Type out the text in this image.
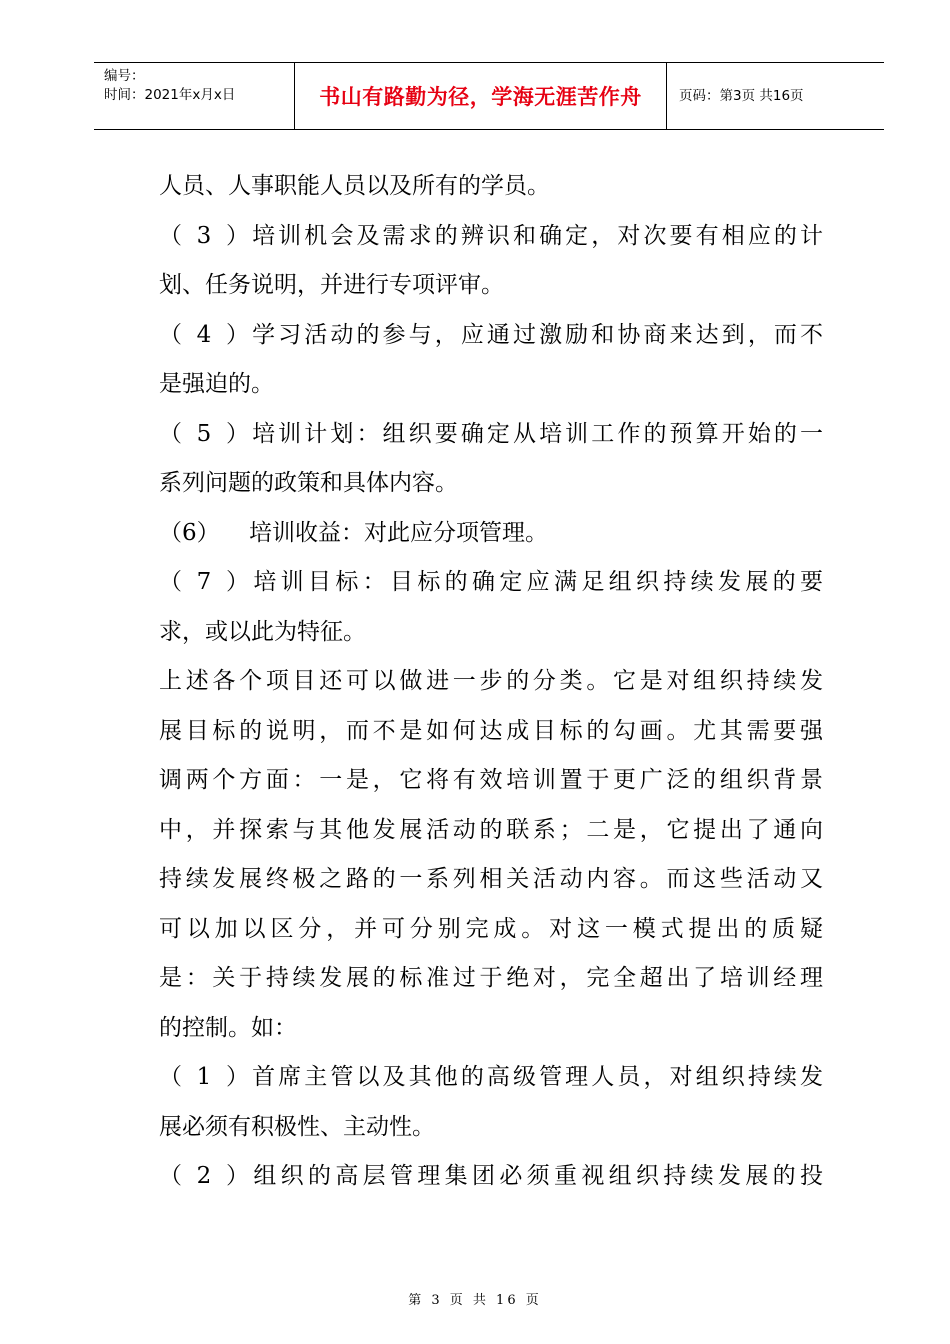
编号：
时间：2021年x月x日	书山有路勤为径，学海无涯苦作舟	页码：第3页 共16页
人员、人事职能人员以及所有的学员。
（3）培训机会及需求的辨识和确定，对次要有相应的计
划、任务说明，并进行专项评审。
（4）学习活动的参与，应通过激励和协商来达到，而不
是强迫的。
（5）培训计划：组织要确定从培训工作的预算开始的一
系列问题的政策和具体内容。
（6） 培训收益：对此应分项管理。
（7）培训目标：目标的确定应满足组织持续发展的要
求，或以此为特征。
上述各个项目还可以做进一步的分类。它是对组织持续发
展目标的说明，而不是如何达成目标的勾画。尤其需要强
调两个方面：一是，它将有效培训置于更广泛的组织背景
中，并探索与其他发展活动的联系；二是，它提出了通向
持续发展终极之路的一系列相关活动内容。而这些活动又
可以加以区分，并可分别完成。对这一模式提出的质疑
是：关于持续发展的标准过于绝对，完全超出了培训经理
的控制。如：
（1）首席主管以及其他的高级管理人员，对组织持续发
展必须有积极性、主动性。
（2）组织的高层管理集团必须重视组织持续发展的投
第 3 页 共 16 页
